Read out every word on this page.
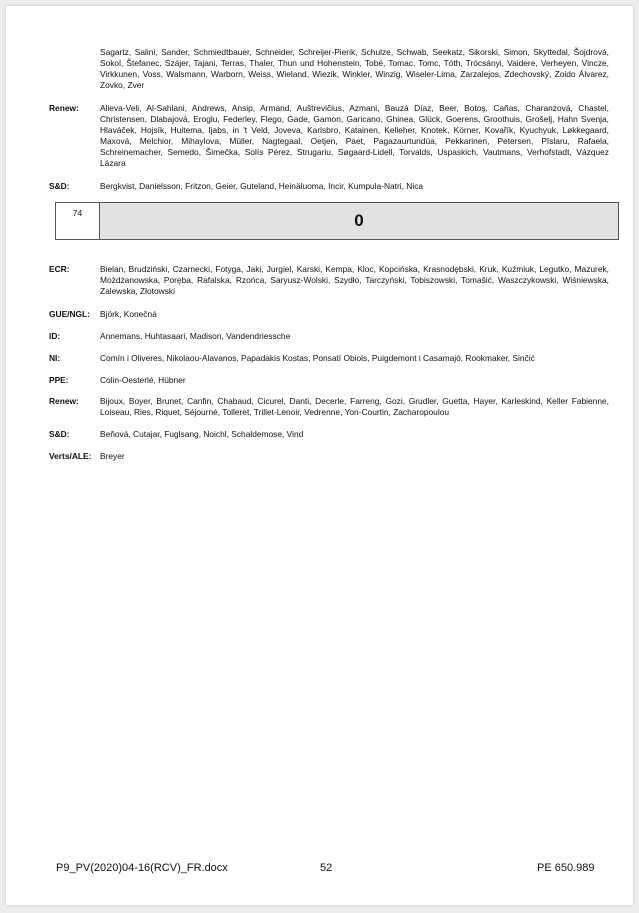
Sagartz, Salini, Sander, Schmiedtbauer, Schneider, Schreijer-Pierik, Schulze, Schwab, Seekatz, Sikorski, Simon, Skyttedal, Šojdrová, Sokol, Štefanec, Szájer, Tajani, Terras, Thaler, Thun und Hohenstein, Tobé, Tomac, Tomc, Tóth, Trócsányi, Vaidere, Verheyen, Vincze, Virkkunen, Voss, Walsmann, Warborn, Weiss, Wieland, Wiezik, Winkler, Winzig, Wiseler-Lima, Zarzalejos, Zdechovský, Zoido Álvarez, Zovko, Zver
Renew:	Alieva-Veli, Al-Sahlani, Andrews, Ansip, Armand, Auštrevičius, Azmani, Bauzá Díaz, Beer, Botoş, Cañas, Charanzová, Chastel, Christensen, Dlabajová, Eroglu, Federley, Flego, Gade, Gamon, Garicano, Ghinea, Glück, Goerens, Groothuis, Grošelj, Hahn Svenja, Hlaváček, Hojsík, Huitema, Ijabs, in 't Veld, Joveva, Karlsbro, Katainen, Kelleher, Knotek, Körner, Kovařík, Kyuchyuk, Løkkegaard, Maxová, Melchior, Mihaylova, Müller, Nagtegaal, Oetjen, Paet, Pagazaurtundúa, Pekkarinen, Petersen, Pîslaru, Rafaela, Schreinemacher, Semedo, Šimečka, Solís Pérez, Strugariu, Søgaard-Lidell, Torvalds, Uspaskich, Vautmans, Verhofstadt, Vázquez Lázara
S&D:	Bergkvist, Danielsson, Fritzon, Geier, Guteland, Heinäluoma, Incir, Kumpula-Natri, Nica
74	0
ECR:	Bielan, Brudziński, Czarnecki, Fotyga, Jaki, Jurgiel, Karski, Kempa, Kloc, Kopcińska, Krasnodębski, Kruk, Kuźmiuk, Legutko, Mazurek, Możdżanowska, Poręba, Rafalska, Rzońca, Saryusz-Wolski, Szydło, Tarczyński, Tobiszowski, Tomašić, Waszczykowski, Wiśniewska, Zalewska, Złotowski
GUE/NGL:	Björk, Konečná
ID:	Annemans, Huhtasaari, Madison, Vandendriessche
NI:	Comín i Oliveres, Nikolaou-Alavanos, Papadakis Kostas, Ponsatí Obiols, Puigdemont i Casamajó, Rookmaker, Sinčić
PPE:	Colin-Oesterlé, Hübner
Renew:	Bijoux, Boyer, Brunet, Canfin, Chabaud, Cicurel, Danti, Decerle, Farreng, Gozi, Grudler, Guetta, Hayer, Karleskind, Keller Fabienne, Loiseau, Ries, Riquet, Séjourné, Tolleret, Trillet-Lenoir, Vedrenne, Yon-Courtin, Zacharopoulou
S&D:	Beňová, Cutajar, Fuglsang, Noichl, Schaldemose, Vind
Verts/ALE:	Breyer
P9_PV(2020)04-16(RCV)_FR.docx	52	PE 650.989
